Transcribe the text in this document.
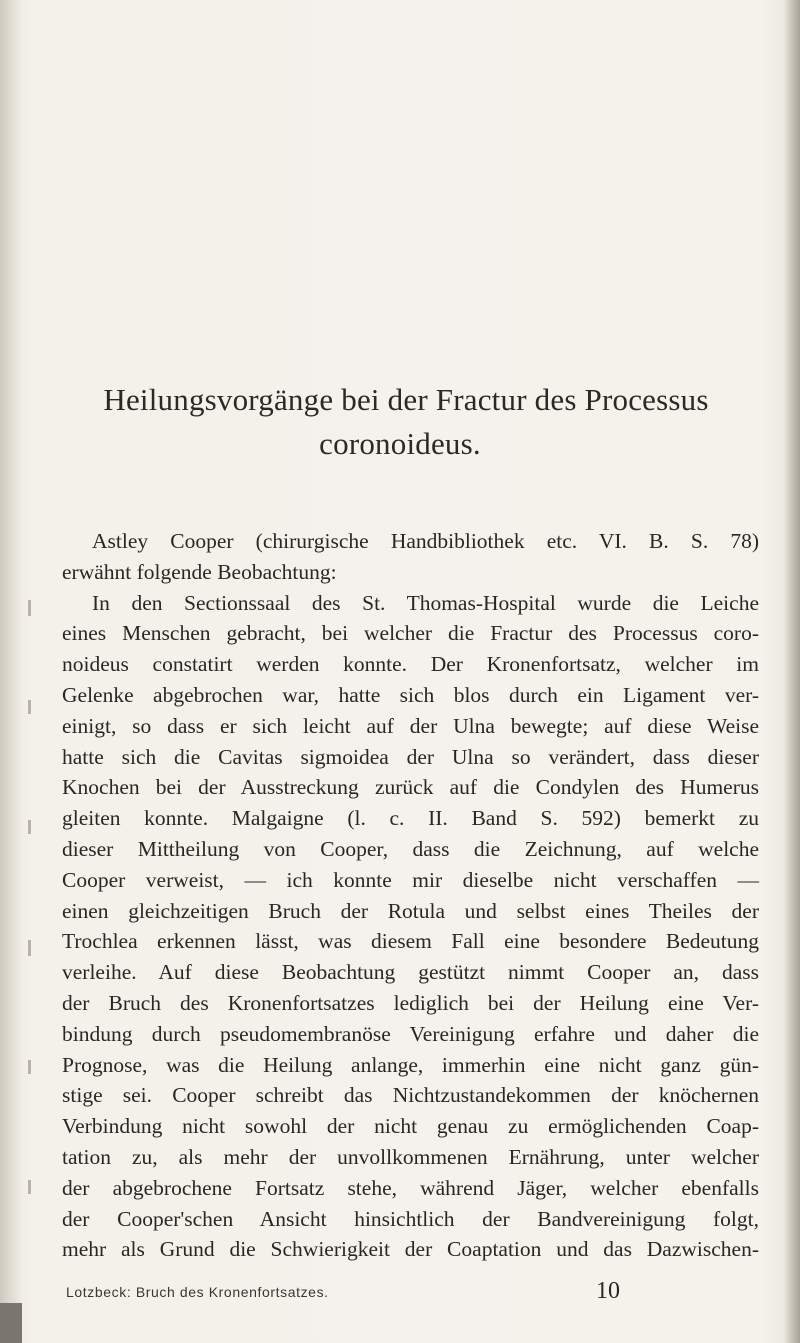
Heilungsvorgänge bei der Fractur des Processus
coronoideus.
Astley Cooper (chirurgische Handbibliothek etc. VI. B. S. 78)
erwähnt folgende Beobachtung:
In den Sectionssaal des St. Thomas-Hospital wurde die Leiche
eines Menschen gebracht, bei welcher die Fractur des Processus coro-
noideus constatirt werden konnte. Der Kronenfortsatz, welcher im
Gelenke abgebrochen war, hatte sich blos durch ein Ligament ver-
einigt, so dass er sich leicht auf der Ulna bewegte; auf diese Weise
hatte sich die Cavitas sigmoidea der Ulna so verändert, dass dieser
Knochen bei der Ausstreckung zurück auf die Condylen des Humerus
gleiten konnte. Malgaigne (l. c. II. Band S. 592) bemerkt zu
dieser Mittheilung von Cooper, dass die Zeichnung, auf welche
Cooper verweist, — ich konnte mir dieselbe nicht verschaffen —
einen gleichzeitigen Bruch der Rotula und selbst eines Theiles der
Trochlea erkennen lässt, was diesem Fall eine besondere Bedeutung
verleihe. Auf diese Beobachtung gestützt nimmt Cooper an, dass
der Bruch des Kronenfortsatzes lediglich bei der Heilung eine Ver-
bindung durch pseudomembranöse Vereinigung erfahre und daher die
Prognose, was die Heilung anlange, immerhin eine nicht ganz gün-
stige sei. Cooper schreibt das Nichtzustandekommen der knöchernen
Verbindung nicht sowohl der nicht genau zu ermöglichenden Coap-
tation zu, als mehr der unvollkommenen Ernährung, unter welcher
der abgebrochene Fortsatz stehe, während Jäger, welcher ebenfalls
der Cooper'schen Ansicht hinsichtlich der Bandvereinigung folgt,
mehr als Grund die Schwierigkeit der Coaptation und das Dazwischen-
Lotzbeck: Bruch des Kronenfortsatzes.	10
